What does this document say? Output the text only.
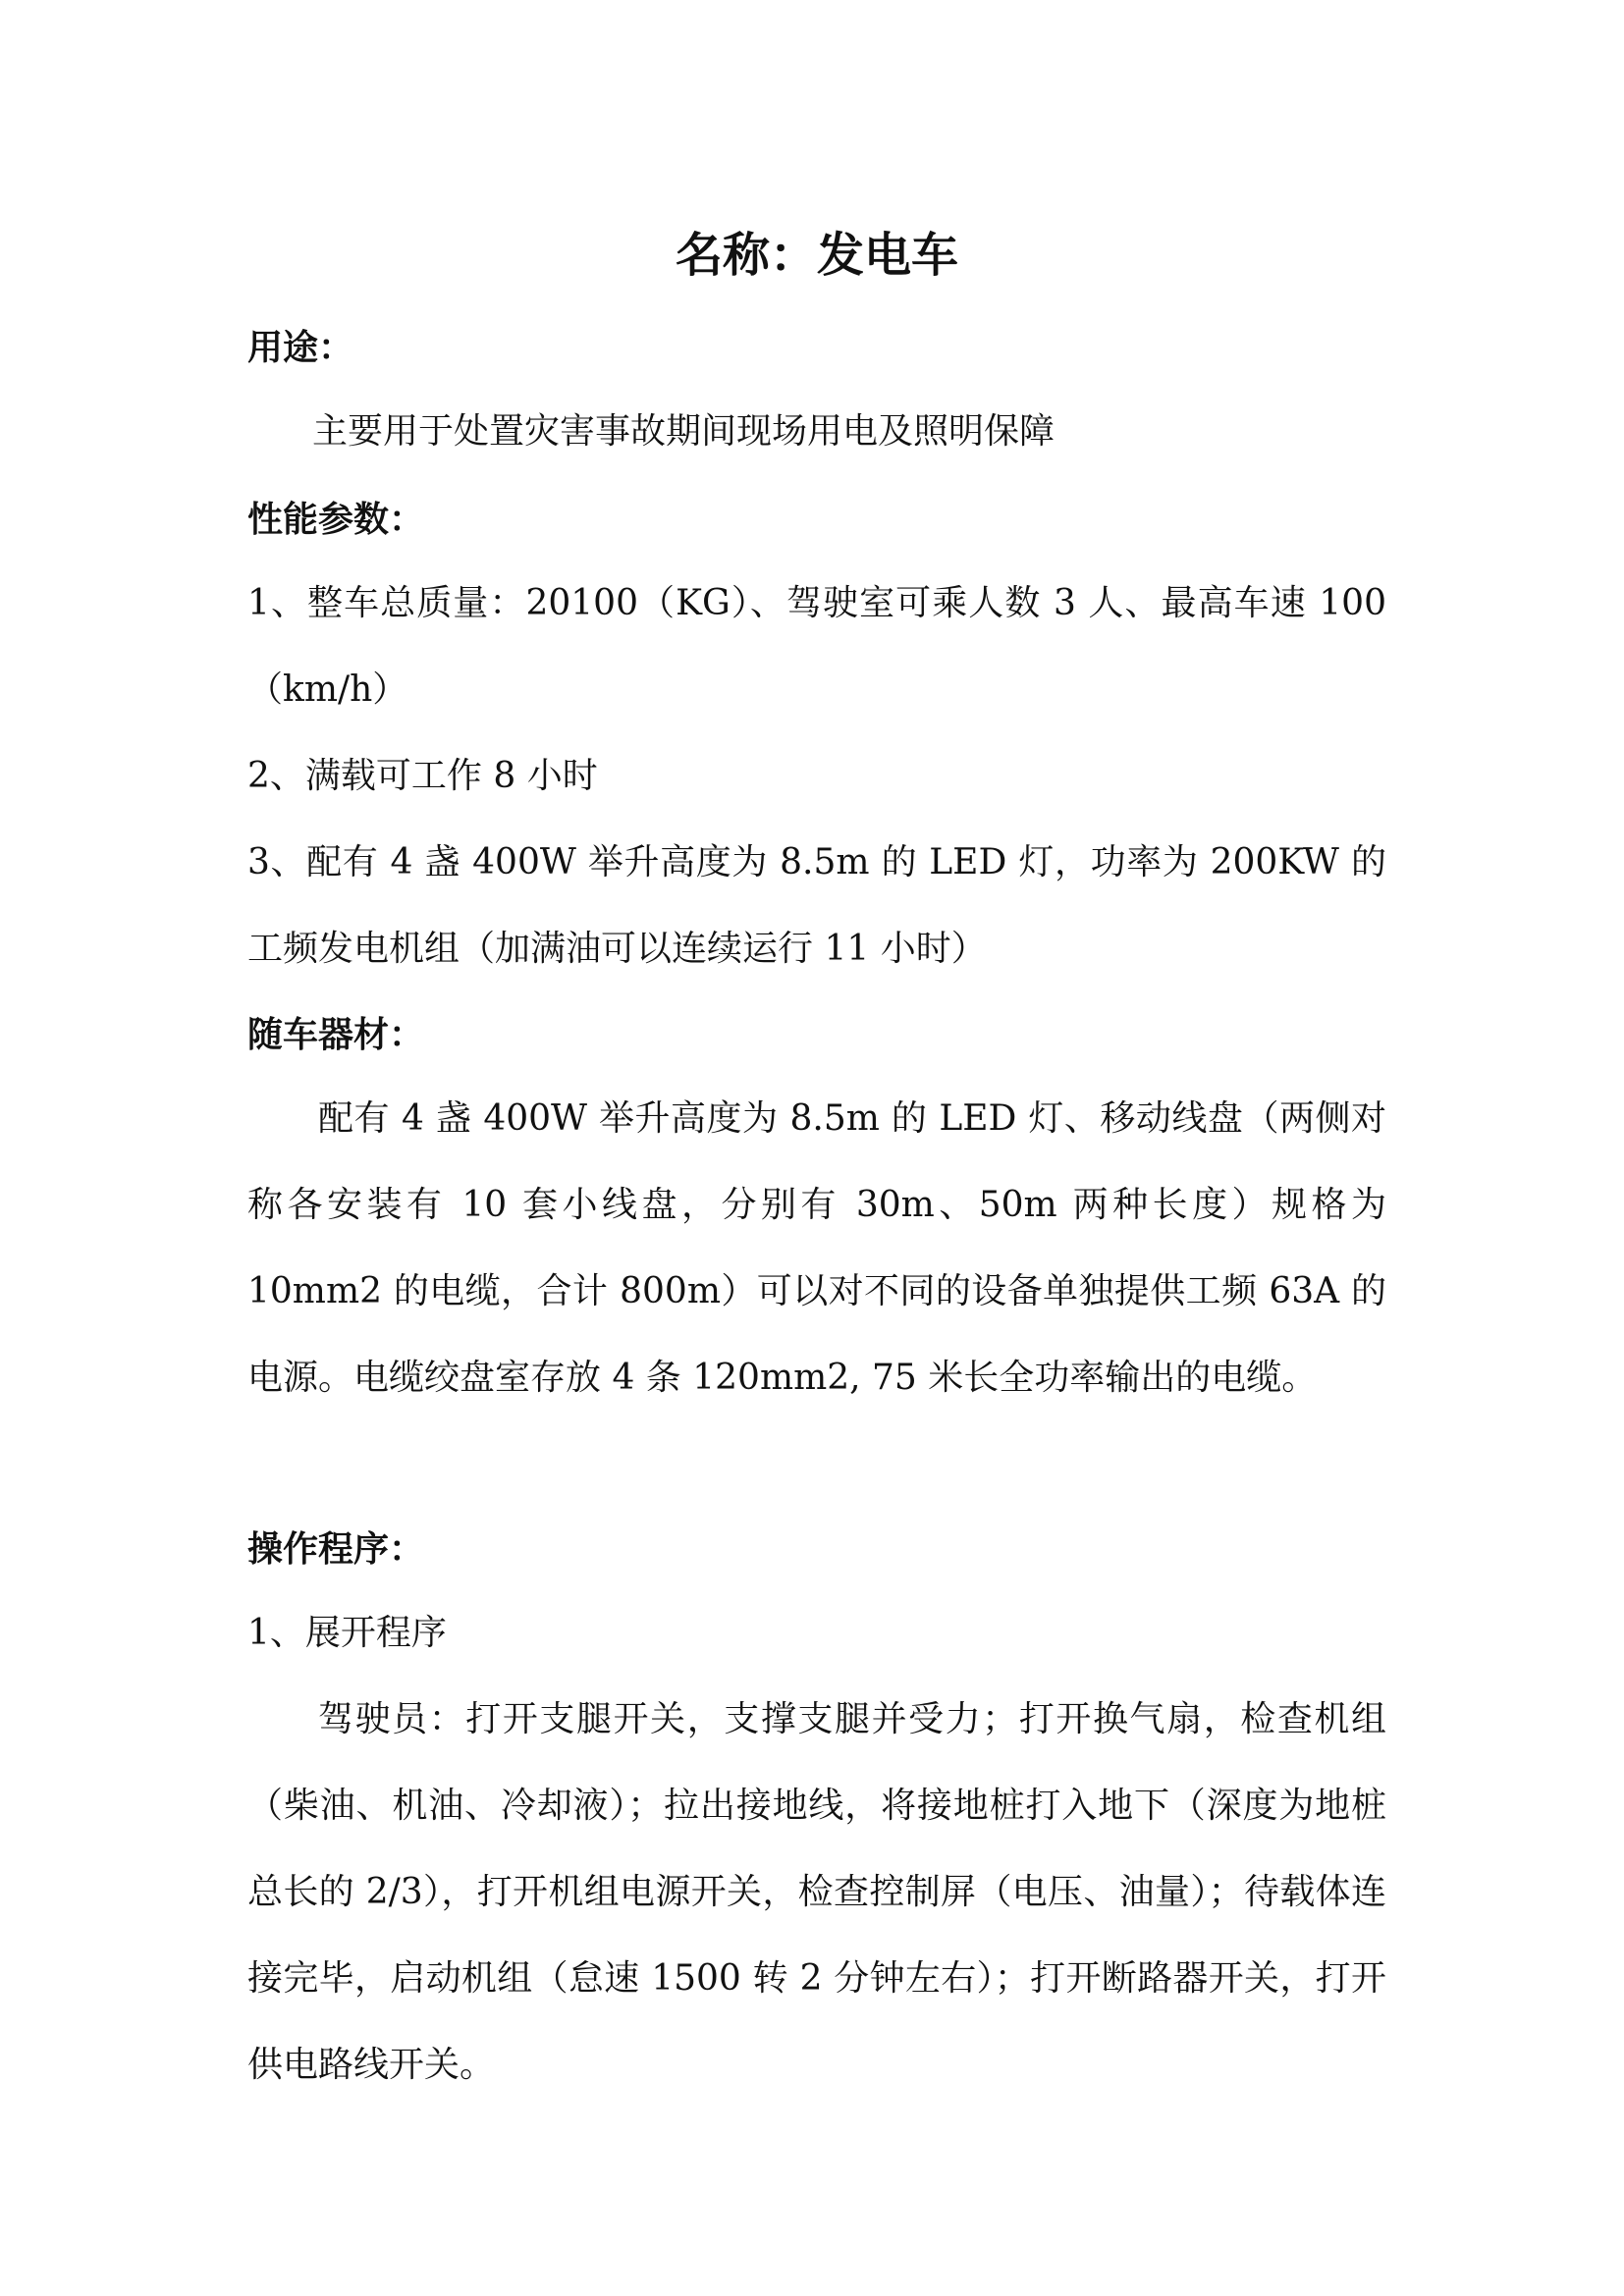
名称：发电车
用途：
主要用于处置灾害事故期间现场用电及照明保障
性能参数：
1、整车总质量：20100（KG）、驾驶室可乘人数 3 人、最高车速 100（km/h）
2、满载可工作 8 小时
3、配有 4 盏 400W 举升高度为 8.5m 的 LED 灯，功率为 200KW 的工频发电机组（加满油可以连续运行 11 小时）
随车器材：
配有 4 盏 400W 举升高度为 8.5m 的 LED 灯、移动线盘（两侧对称各安装有 10 套小线盘，分别有 30m、50m 两种长度）规格为 10mm2 的电缆，合计 800m）可以对不同的设备单独提供工频 63A 的电源。电缆绞盘室存放 4 条 120mm2, 75 米长全功率输出的电缆。
操作程序：
1、展开程序
驾驶员：打开支腿开关，支撑支腿并受力；打开换气扇，检查机组（柴油、机油、冷却液）；拉出接地线，将接地桩打入地下（深度为地桩总长的 2/3），打开机组电源开关，检查控制屏（电压、油量）；待载体连接完毕，启动机组（怠速 1500 转 2 分钟左右）；打开断路器开关，打开供电路线开关。
